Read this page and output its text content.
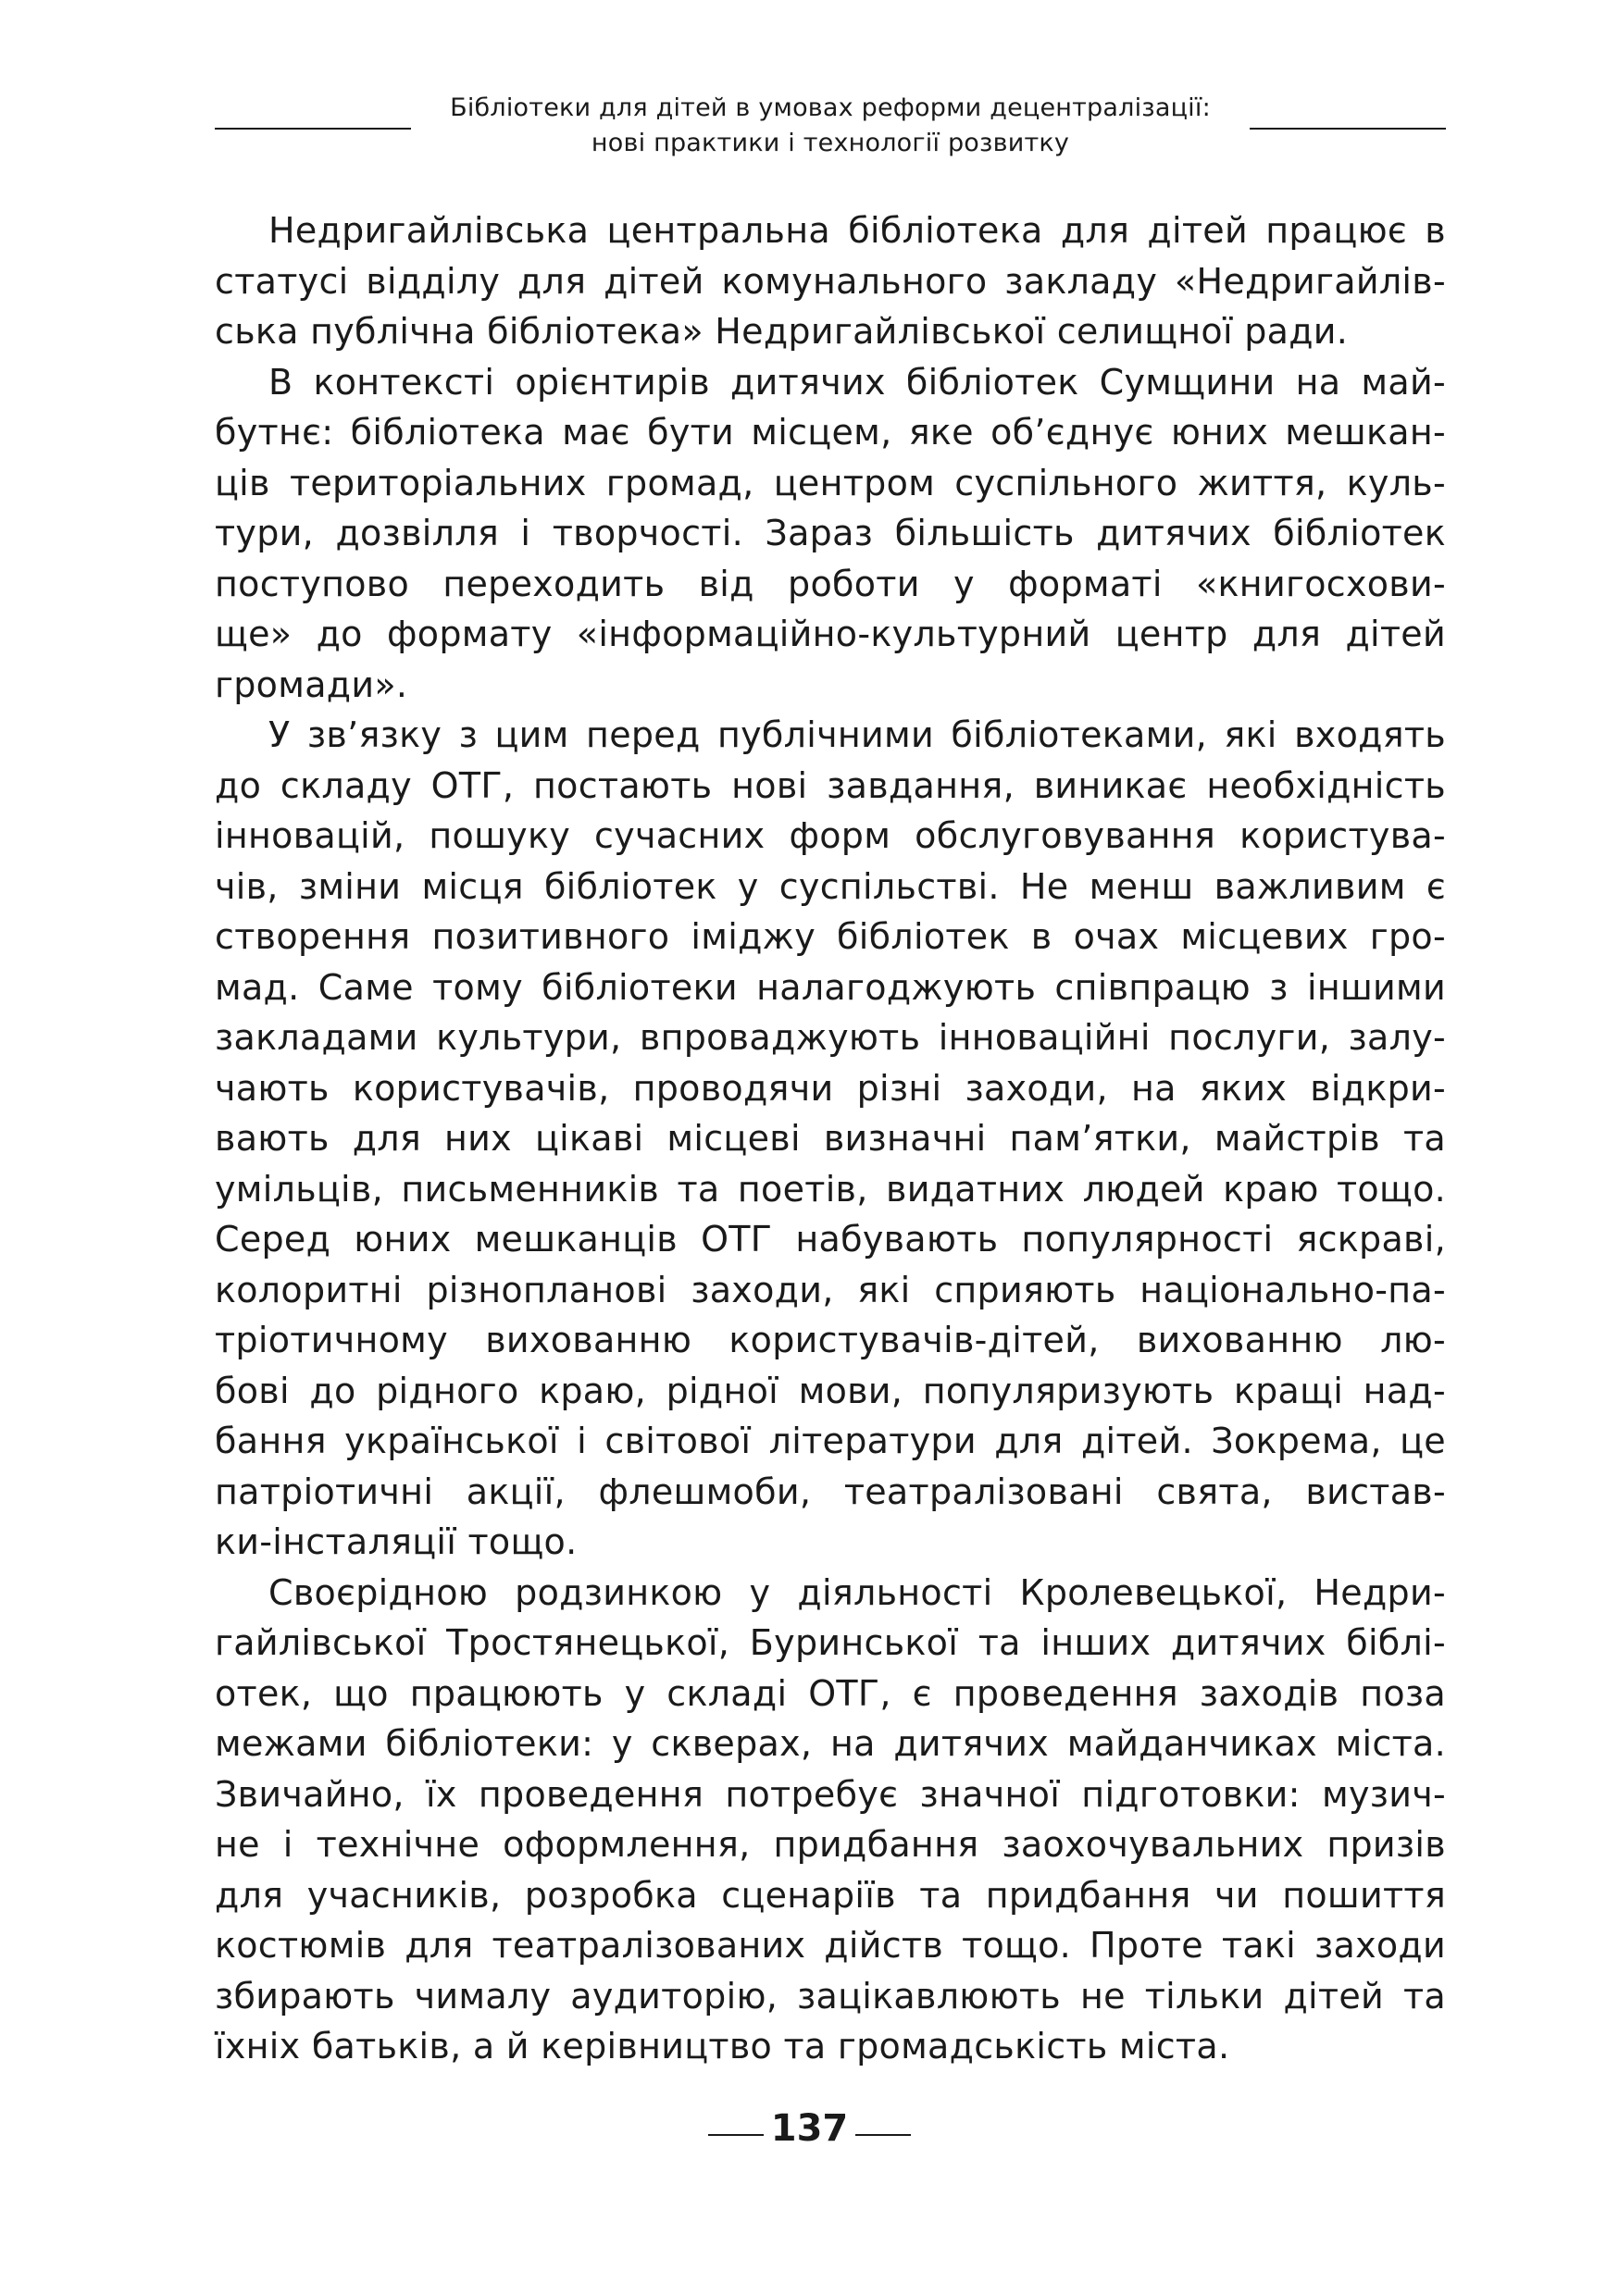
Бібліотеки для дітей в умовах реформи децентралізації:
нові практики і технології розвитку
Недригайлівська центральна бібліотека для дітей працює в
статусі відділу для дітей комунального закладу «Недригайлів-
ська публічна бібліотека» Недригайлівської селищної ради.
В контексті орієнтирів дитячих бібліотек Сумщини на май-
бутнє: бібліотека має бути місцем, яке об’єднує юних мешкан-
ців територіальних громад, центром суспільного життя, куль-
тури, дозвілля і творчості. Зараз більшість дитячих бібліотек
поступово переходить від роботи у форматі «книгосхови-
ще» до формату «інформаційно-культурний центр для дітей
громади».
У зв’язку з цим перед публічними бібліотеками, які входять
до складу ОТГ, постають нові завдання, виникає необхідність
інновацій, пошуку сучасних форм обслуговування користува-
чів, зміни місця бібліотек у суспільстві. Не менш важливим є
створення позитивного іміджу бібліотек в очах місцевих гро-
мад. Саме тому бібліотеки налагоджують співпрацю з іншими
закладами культури, впроваджують інноваційні послуги, залу-
чають користувачів, проводячи різні заходи, на яких відкри-
вають для них цікаві місцеві визначні пам’ятки, майстрів та
умільців, письменників та поетів, видатних людей краю тощо.
Серед юних мешканців ОТГ набувають популярності яскраві,
колоритні різнопланові заходи, які сприяють національно-па-
тріотичному вихованню користувачів-дітей, вихованню лю-
бові до рідного краю, рідної мови, популяризують кращі над-
бання української і світової літератури для дітей. Зокрема, це
патріотичні акції, флешмоби, театралізовані свята, вистав-
ки-інсталяції тощо.
Своєрідною родзинкою у діяльності Кролевецької, Недри-
гайлівської Тростянецької, Буринської та інших дитячих біблі-
отек, що працюють у складі ОТГ, є проведення заходів поза
межами бібліотеки: у скверах, на дитячих майданчиках міста.
Звичайно, їх проведення потребує значної підготовки: музич-
не і технічне оформлення, придбання заохочувальних призів
для учасників, розробка сценаріїв та придбання чи пошиття
костюмів для театралізованих дійств тощо. Проте такі заходи
збирають чималу аудиторію, зацікавлюють не тільки дітей та
їхніх батьків, а й керівництво та громадськість міста.
137
